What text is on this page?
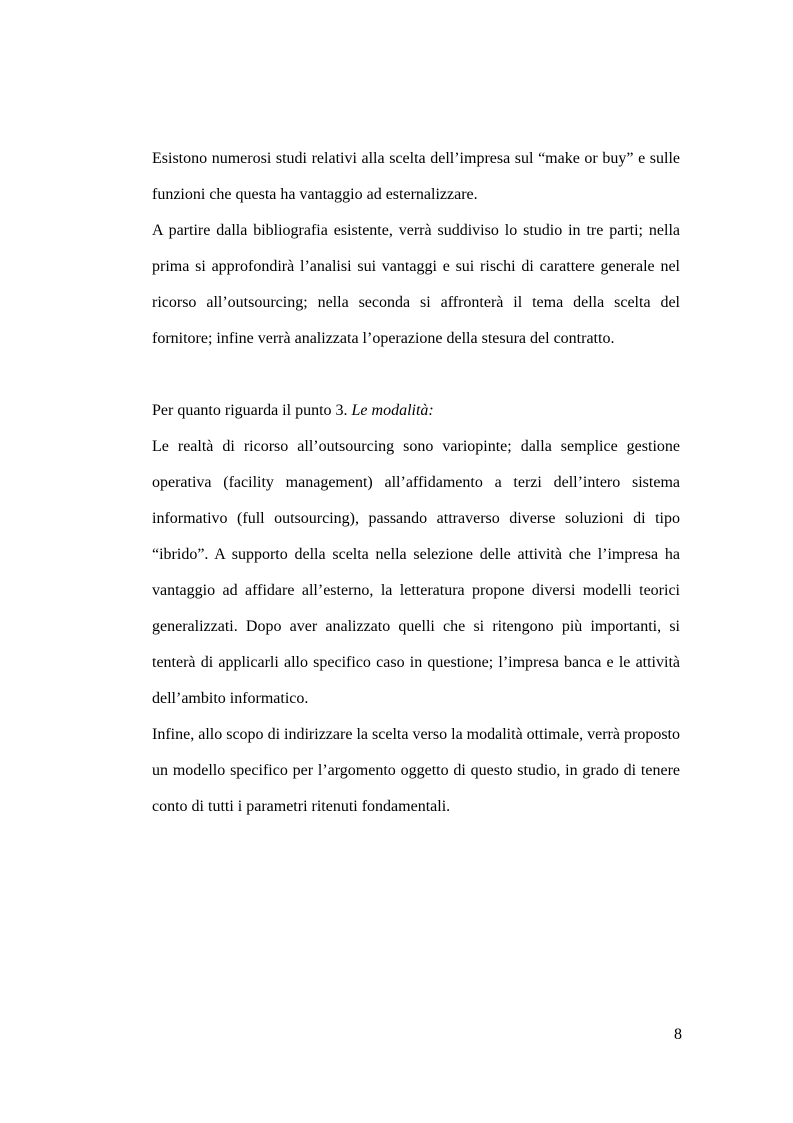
Esistono numerosi studi relativi alla scelta dell’impresa sul “make or buy” e sulle funzioni che questa ha vantaggio ad esternalizzare.

A partire dalla bibliografia esistente, verrà suddiviso lo studio in tre parti; nella prima si approfondirà l’analisi sui vantaggi e sui rischi di carattere generale nel ricorso all’outsourcing; nella seconda si affronterà il tema della scelta del fornitore; infine verrà analizzata l’operazione della stesura del contratto.

Per quanto riguarda il punto 3. Le modalità:

Le realtà di ricorso all’outsourcing sono variopinte; dalla semplice gestione operativa (facility management) all’affidamento a terzi dell’intero sistema informativo (full outsourcing), passando attraverso diverse soluzioni di tipo “ibrido”. A supporto della scelta nella selezione delle attività che l’impresa ha vantaggio ad affidare all’esterno, la letteratura propone diversi modelli teorici generalizzati. Dopo aver analizzato quelli che si ritengono più importanti, si tenterà di applicarli allo specifico caso in questione; l’impresa banca e le attività dell’ambito informatico.

Infine, allo scopo di indirizzare la scelta verso la modalità ottimale, verrà proposto un modello specifico per l’argomento oggetto di questo studio, in grado di tenere conto di tutti i parametri ritenuti fondamentali.

8
